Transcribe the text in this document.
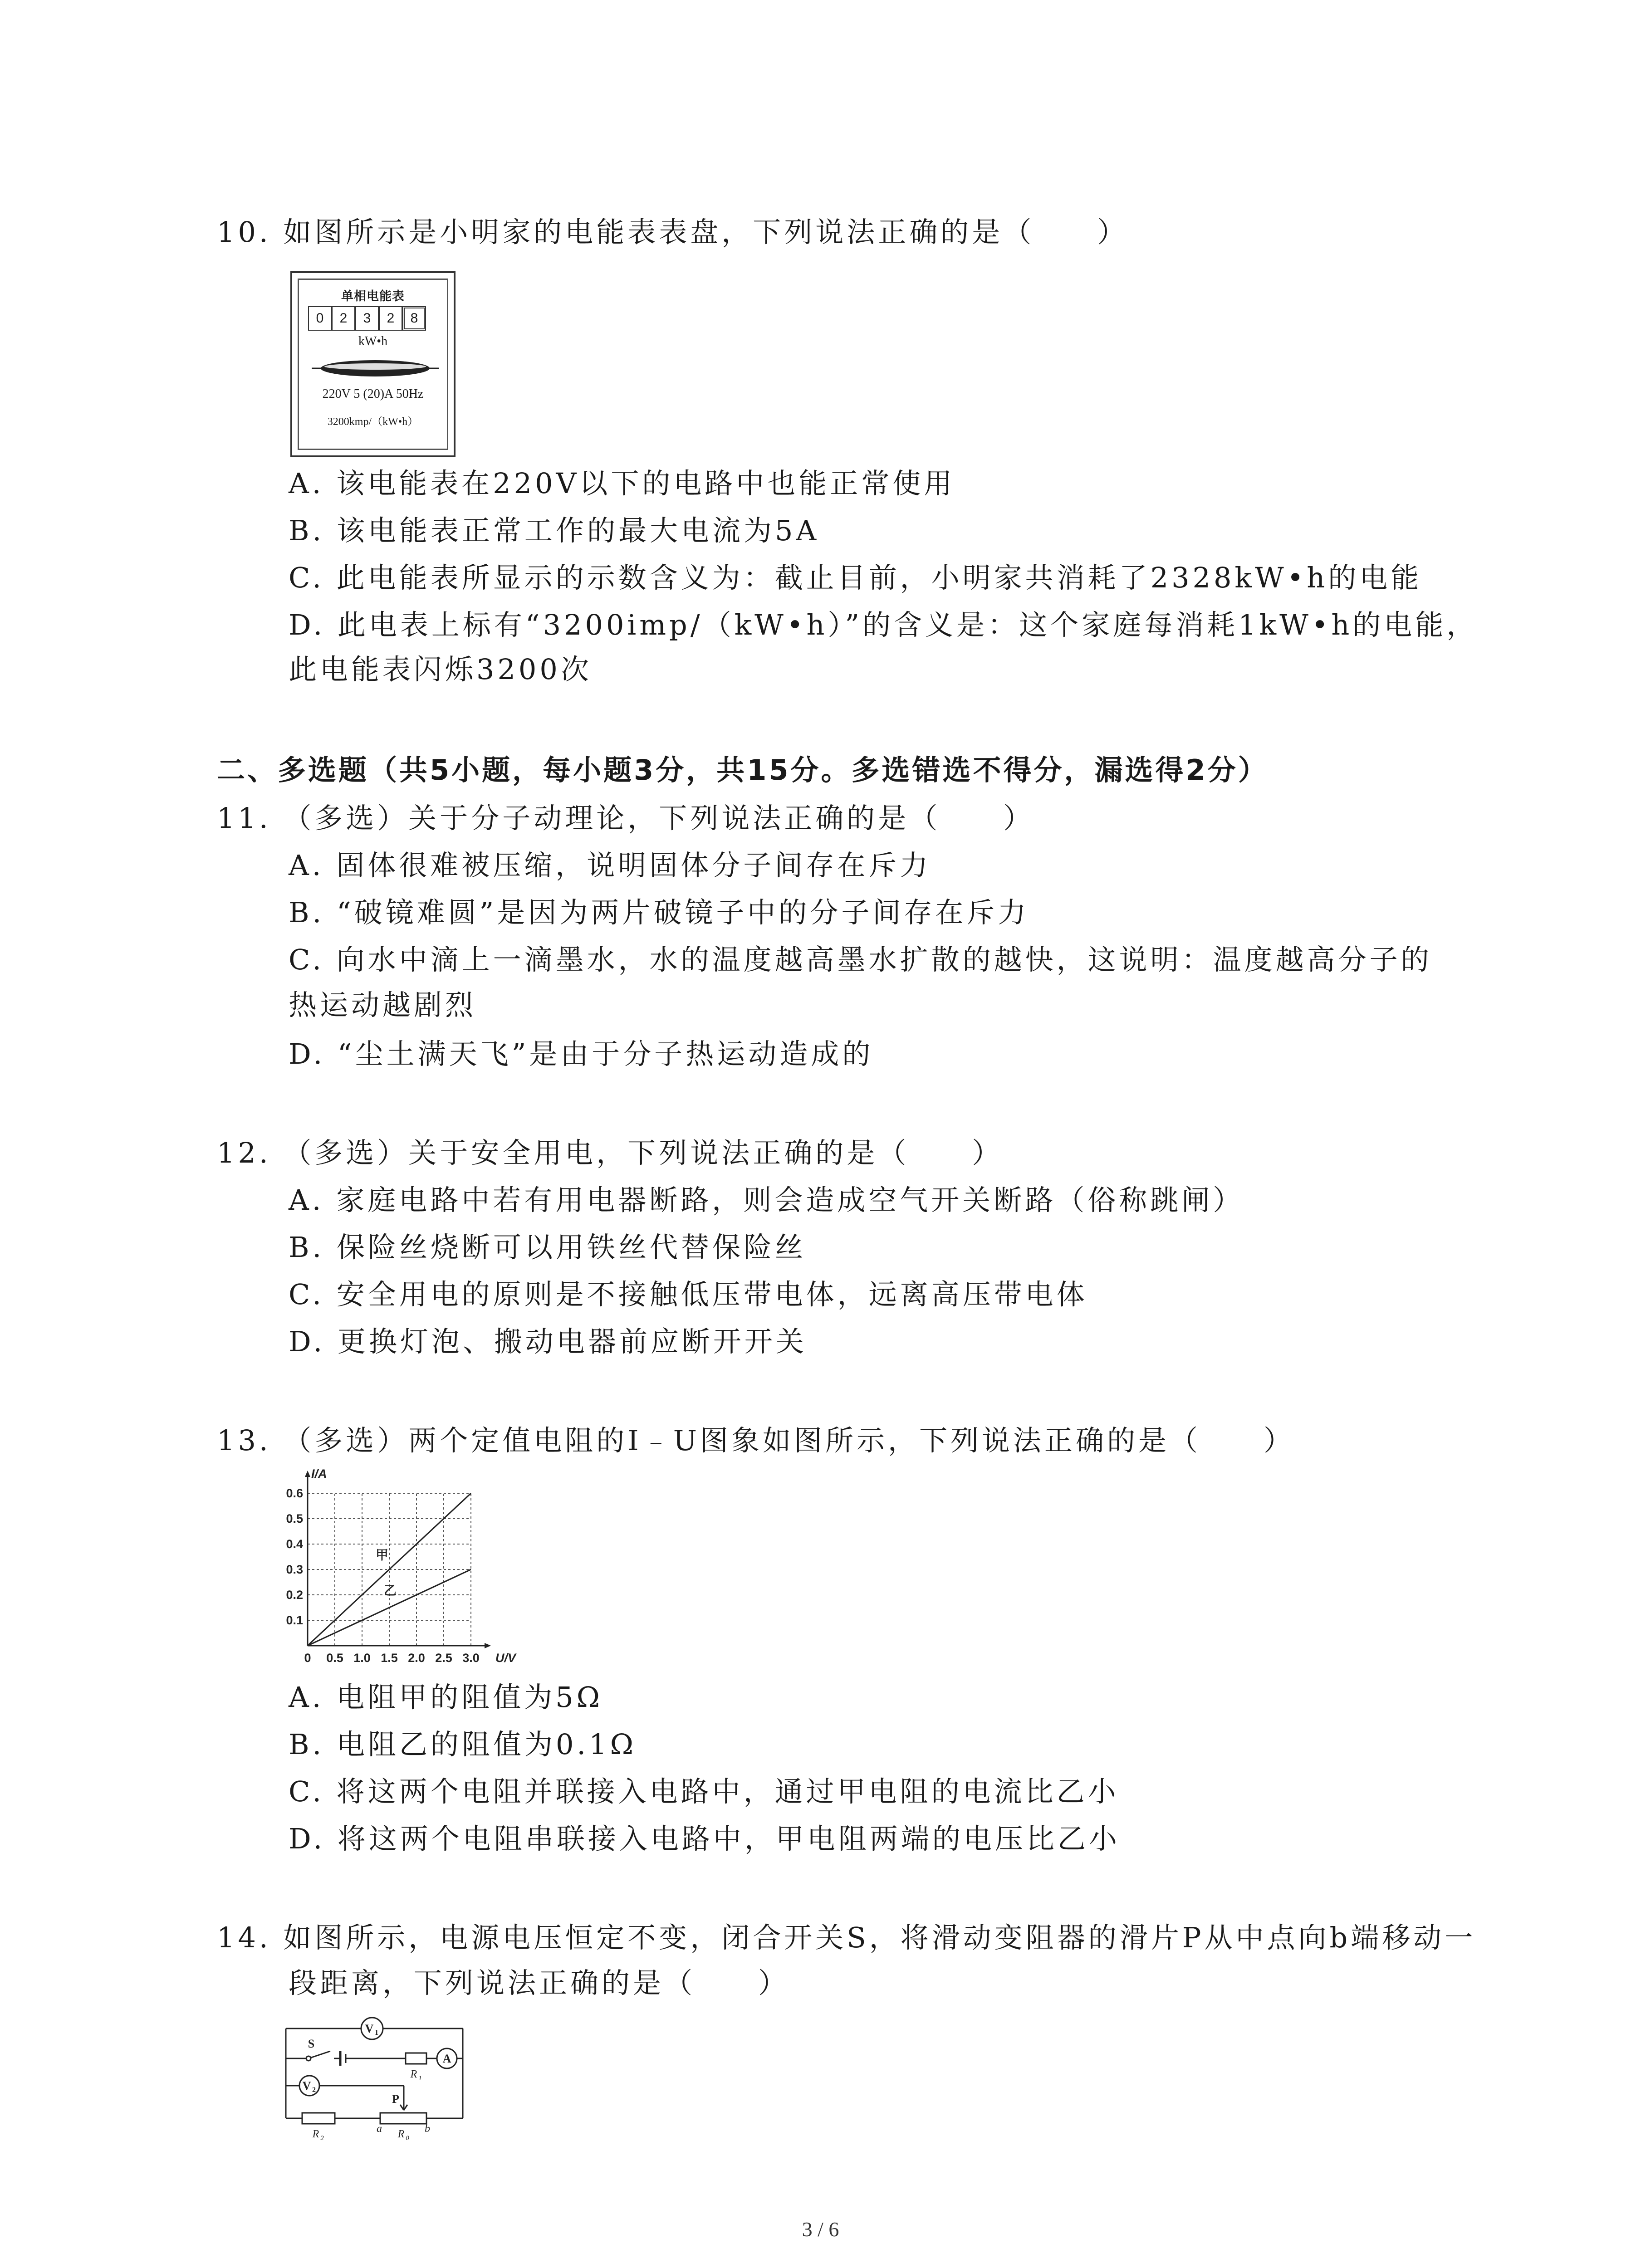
10. 如图所示是小明家的电能表表盘，下列说法正确的是（　　）
单相电能表
0	2	3	2	8
kW•h
220V 5 (20)A 50Hz
3200kmp/（kW•h）
A. 该电能表在220V以下的电路中也能正常使用
B. 该电能表正常工作的最大电流为5A
C. 此电能表所显示的示数含义为：截止目前，小明家共消耗了2328kW•h的电能
D. 此电表上标有“3200imp/（kW•h）”的含义是：这个家庭每消耗1kW•h的电能，
此电能表闪烁3200次
二、多选题（共5小题，每小题3分，共15分。多选错选不得分，漏选得2分）
11. （多选）关于分子动理论，下列说法正确的是（　　）
A. 固体很难被压缩，说明固体分子间存在斥力
B. “破镜难圆”是因为两片破镜子中的分子间存在斥力
C. 向水中滴上一滴墨水，水的温度越高墨水扩散的越快，这说明：温度越高分子的
热运动越剧烈
D. “尘土满天飞”是由于分子热运动造成的
12. （多选）关于安全用电，下列说法正确的是（　　）
A. 家庭电路中若有用电器断路，则会造成空气开关断路（俗称跳闸）
B. 保险丝烧断可以用铁丝代替保险丝
C. 安全用电的原则是不接触低压带电体，远离高压带电体
D. 更换灯泡、搬动电器前应断开开关
13. （多选）两个定值电阻的I﹣U图象如图所示，下列说法正确的是（　　）
0 0.5 1.0 1.5 2.0 2.5 3.0
0.1
0.2
0.3
0.4
0.5
0.6
U/V
I/A
甲
乙
A. 电阻甲的阻值为5Ω
B. 电阻乙的阻值为0.1Ω
C. 将这两个电阻并联接入电路中，通过甲电阻的电流比乙小
D. 将这两个电阻串联接入电路中，甲电阻两端的电压比乙小
14. 如图所示，电源电压恒定不变，闭合开关S，将滑动变阻器的滑片P从中点向b端移动一
段距离，下列说法正确的是（　　）
V 1
V 2
A
S
P
R 1
R 2	R 0
a	b
3 / 6
